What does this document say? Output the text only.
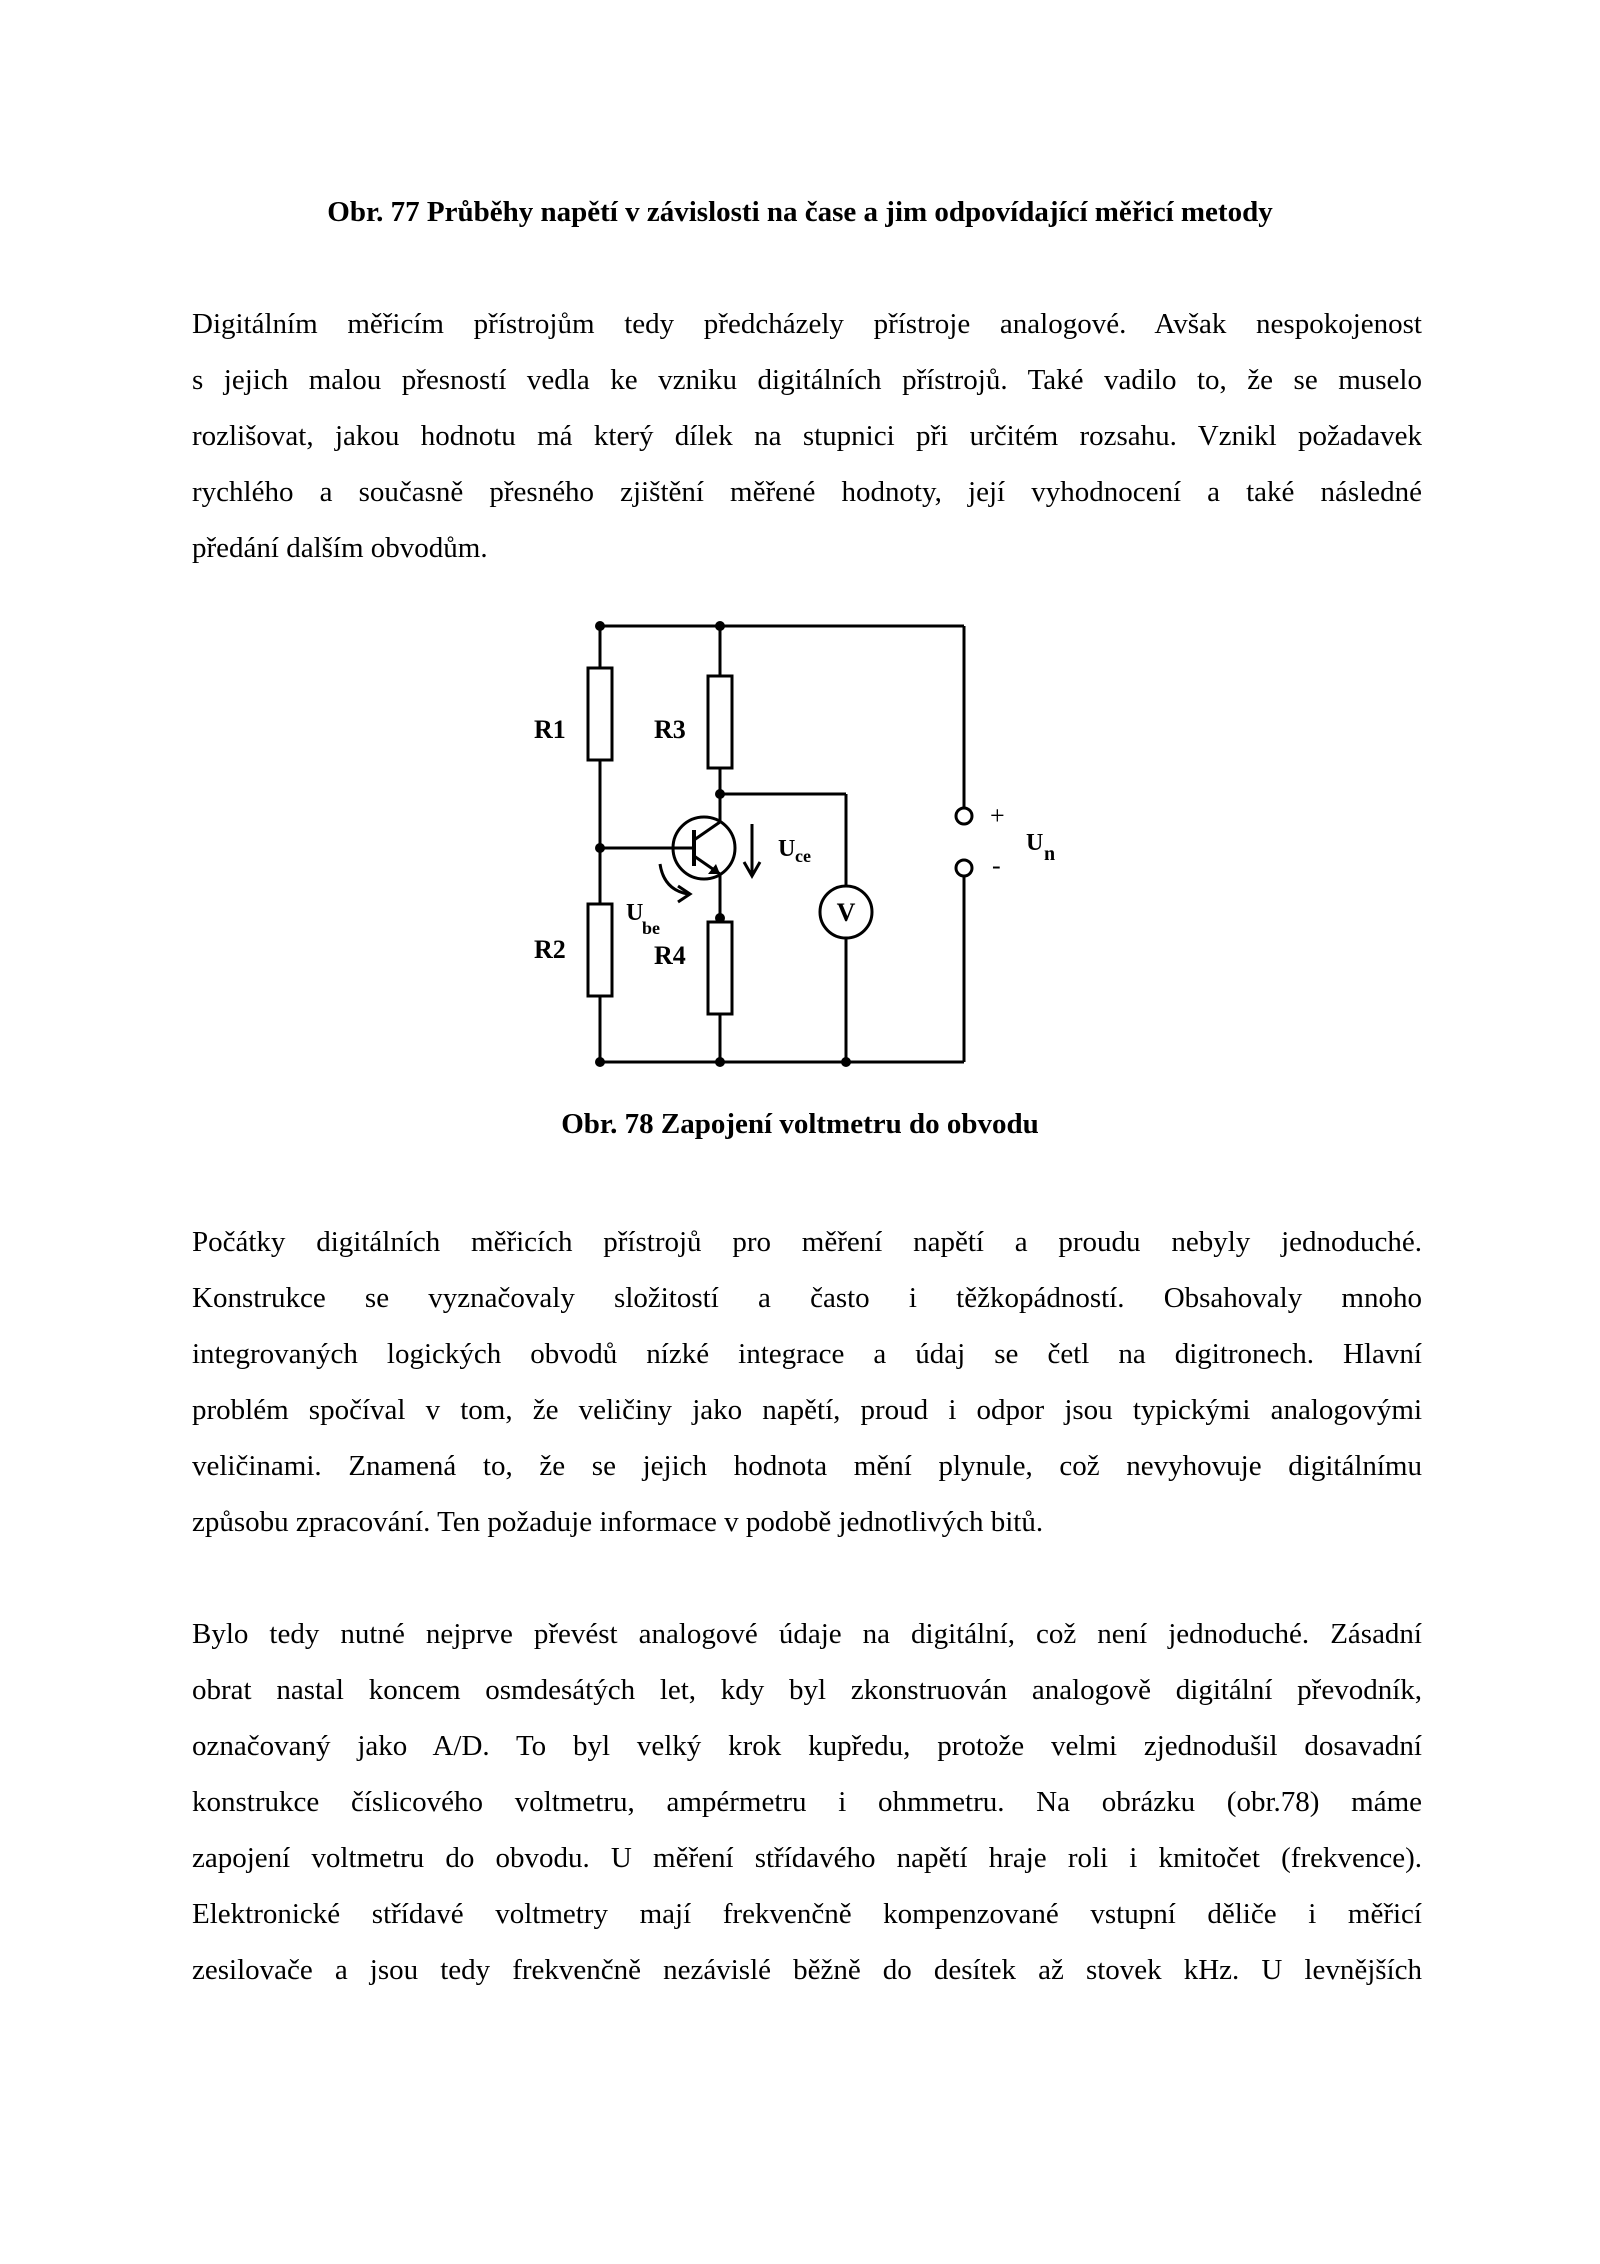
Obr. 77 Průběhy napětí v závislosti na čase a jim odpovídající měřicí metody

Digitálním měřicím přístrojům tedy předcházely přístroje analogové. Avšak nespokojenost
s jejich malou přesností vedla ke vzniku digitálních přístrojů. Také vadilo to, že se muselo
rozlišovat, jakou hodnotu má který dílek na stupnici při určitém rozsahu. Vznikl požadavek
rychlého a současně přesného zjištění měřené hodnoty, její vyhodnocení a také následné
předání dalším obvodům.
V
R1	R3
R2	R4
U ce
U
be
+
-
U n

Obr. 78 Zapojení voltmetru do obvodu

Počátky digitálních měřicích přístrojů pro měření napětí a proudu nebyly jednoduché.
Konstrukce se vyznačovaly složitostí a často i těžkopádností. Obsahovaly mnoho
integrovaných logických obvodů nízké integrace a údaj se četl na digitronech. Hlavní
problém spočíval v tom, že veličiny jako napětí, proud i odpor jsou typickými analogovými
veličinami. Znamená to, že se jejich hodnota mění plynule, což nevyhovuje digitálnímu
způsobu zpracování. Ten požaduje informace v podobě jednotlivých bitů.
Bylo tedy nutné nejprve převést analogové údaje na digitální, což není jednoduché. Zásadní
obrat nastal koncem osmdesátých let, kdy byl zkonstruován analogově digitální převodník,
označovaný jako A/D. To byl velký krok kupředu, protože velmi zjednodušil dosavadní
konstrukce číslicového voltmetru, ampérmetru i ohmmetru. Na obrázku (obr.78) máme
zapojení voltmetru do obvodu. U měření střídavého napětí hraje roli i kmitočet (frekvence).
Elektronické střídavé voltmetry mají frekvenčně kompenzované vstupní děliče i měřicí
zesilovače a jsou tedy frekvenčně nezávislé běžně do desítek až stovek kHz. U levnějších
